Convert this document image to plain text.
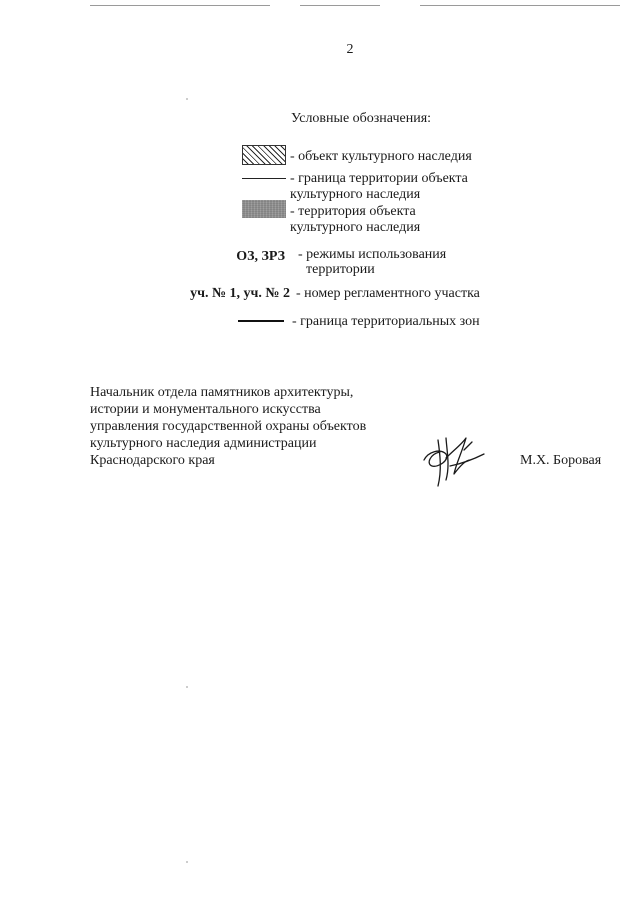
2
Условные обозначения:
- объект культурного наследия
- граница территории объекта
культурного наследия
- территория объекта
культурного наследия
ОЗ, ЗРЗ - режимы использования
территории
уч. № 1, уч. № 2 - номер регламентного участка
- граница территориальных зон
Начальник отдела памятников архитектуры,
истории и монументального искусства
управления государственной охраны объектов
культурного наследия администрации
Краснодарского края	М.Х. Боровая
